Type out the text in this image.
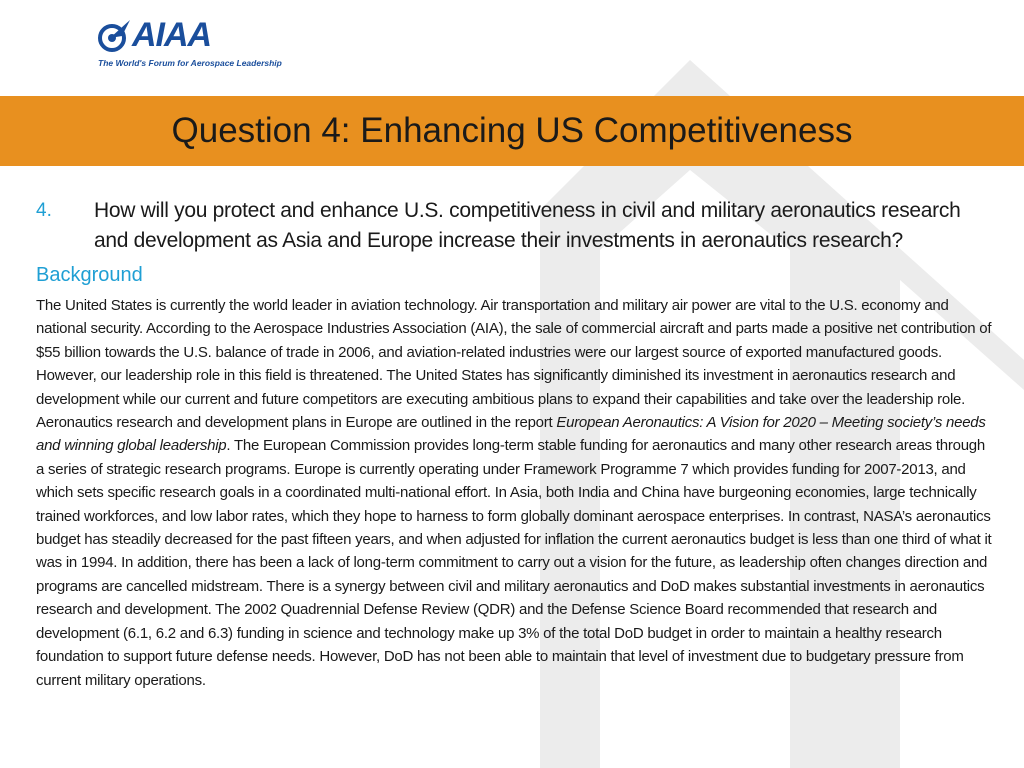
AIAA
The World's Forum for Aerospace Leadership
Question 4: Enhancing US Competitiveness
4.	How will you protect and enhance U.S. competitiveness in civil and military aeronautics research and development as Asia and Europe increase their investments in aeronautics research?
Background
The United States is currently the world leader in aviation technology. Air transportation and military air power are vital to the U.S. economy and national security. According to the Aerospace Industries Association (AIA), the sale of commercial aircraft and parts made a positive net contribution of $55 billion towards the U.S. balance of trade in 2006, and aviation-related industries were our largest source of exported manufactured goods. However, our leadership role in this field is threatened. The United States has significantly diminished its investment in aeronautics research and development while our current and future competitors are executing ambitious plans to expand their capabilities and take over the leadership role. Aeronautics research and development plans in Europe are outlined in the report European Aeronautics: A Vision for 2020 – Meeting society’s needs and winning global leadership. The European Commission provides long-term stable funding for aeronautics and many other research areas through a series of strategic research programs. Europe is currently operating under Framework Programme 7 which provides funding for 2007-2013, and which sets specific research goals in a coordinated multi-national effort. In Asia, both India and China have burgeoning economies, large technically trained workforces, and low labor rates, which they hope to harness to form globally dominant aerospace enterprises. In contrast, NASA’s aeronautics budget has steadily decreased for the past fifteen years, and when adjusted for inflation the current aeronautics budget is less than one third of what it was in 1994. In addition, there has been a lack of long-term commitment to carry out a vision for the future, as leadership often changes direction and programs are cancelled midstream. There is a synergy between civil and military aeronautics and DoD makes substantial investments in aeronautics research and development. The 2002 Quadrennial Defense Review (QDR) and the Defense Science Board recommended that research and development (6.1, 6.2 and 6.3) funding in science and technology make up 3% of the total DoD budget in order to maintain a healthy research foundation to support future defense needs. However, DoD has not been able to maintain that level of investment due to budgetary pressure from current military operations.
